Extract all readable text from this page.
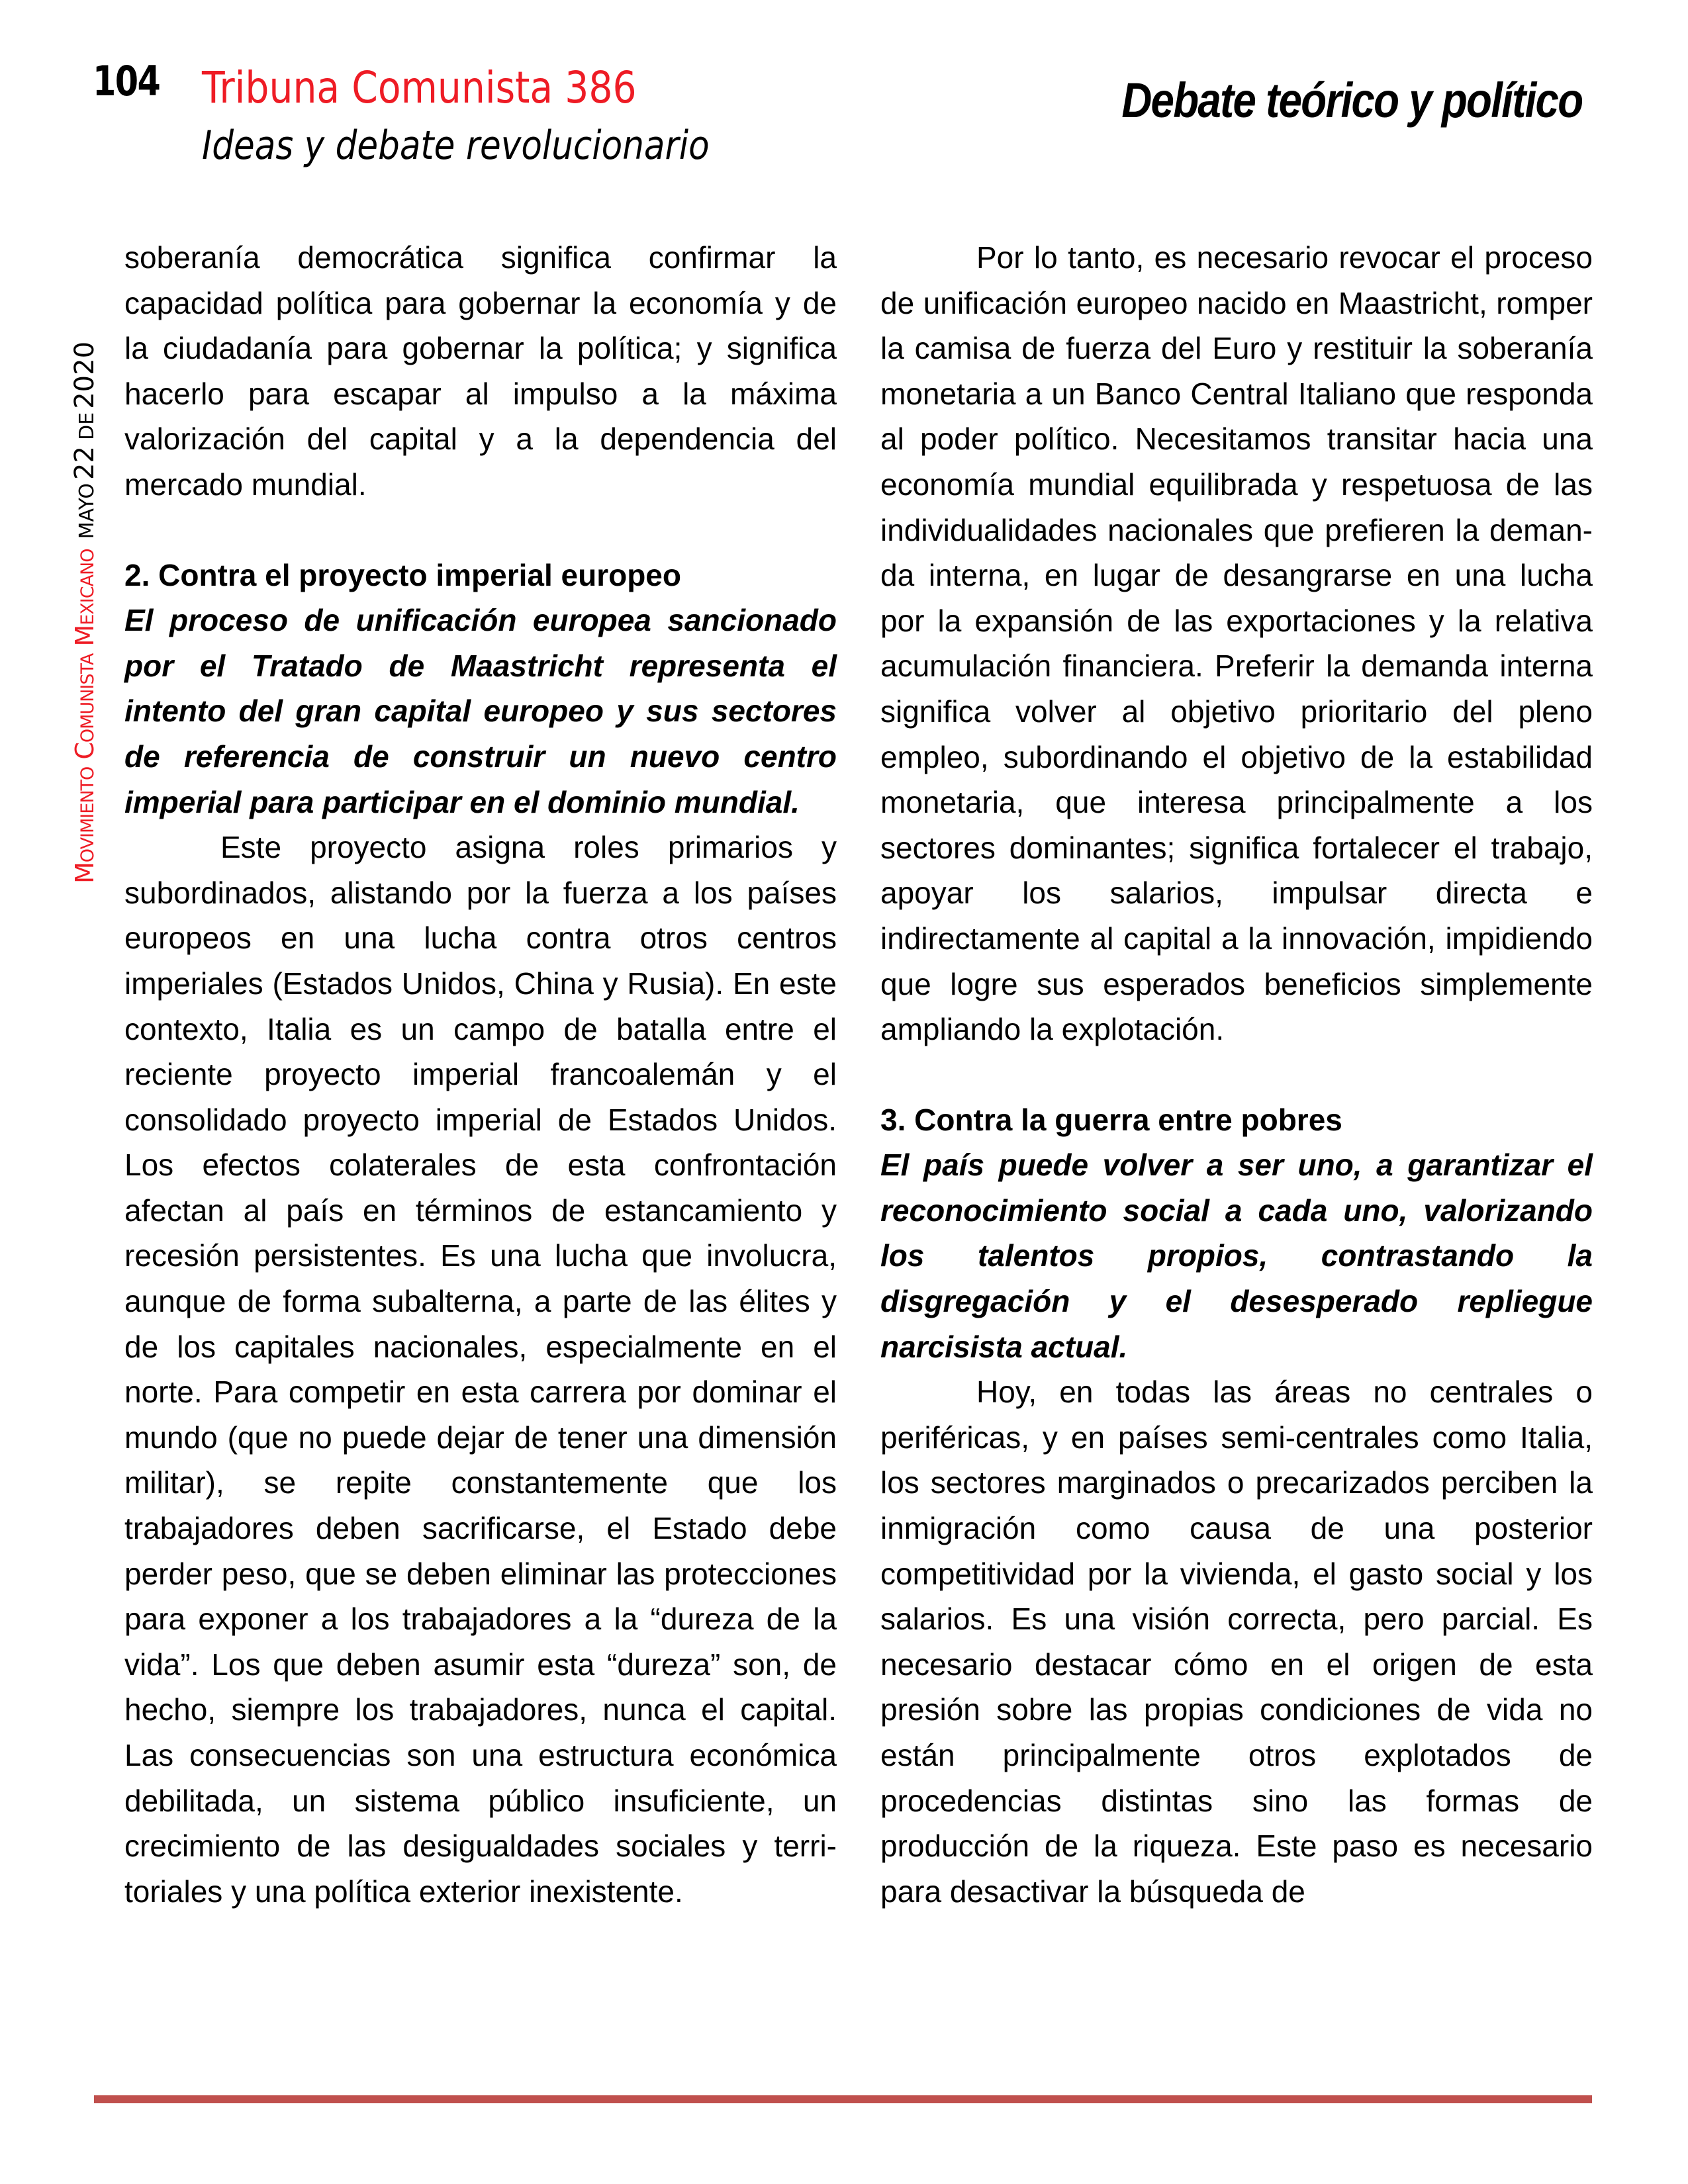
104 Tribuna Comunista 386
Ideas y debate revolucionario
Debate teórico y político
Movimiento Comunista Mexicano MAYO 22 DE 2020

soberanía democrática significa confirmar la capacidad política para gobernar la economía y de la ciudadanía para gobernar la política; y significa hacerlo para escapar al impulso a la máxima valorización del capital y a la dependencia del mercado mundial.

2. Contra el proyecto imperial europeo

El proceso de unificación europea sancionado por el Tratado de Maastricht representa el intento del gran capital europeo y sus sectores de referencia de construir un nuevo centro imperial para participar en el dominio mundial.

Este proyecto asigna roles primarios y subordinados, alistando por la fuerza a los países europeos en una lucha contra otros centros imperiales (Estados Unidos, China y Rusia). En este contexto, Italia es un campo de batalla entre el reciente proyecto imperial francoalemán y el consolidado proyecto imperial de Estados Unidos. Los efectos colaterales de esta confrontación afectan al país en términos de estancamiento y recesión persistentes. Es una lucha que involucra, aunque de forma subalterna, a parte de las élites y de los capitales nacionales, especialmente en el norte. Para competir en esta carrera por dominar el mundo (que no puede dejar de tener una dimensión militar), se repite constantemente que los trabajadores deben sacrificarse, el Estado debe perder peso, que se deben eliminar las protecciones para exponer a los trabajadores a la “dureza de la vida”. Los que deben asumir esta “dureza” son, de hecho, siempre los trabajadores, nunca el capital. Las consecuencias son una estructura económica debilitada, un sistema público insuficiente, un crecimiento de las desigualdades sociales y territoriales y una política exterior inexistente.

Por lo tanto, es necesario revocar el proceso de unificación europeo nacido en Maastricht, romper la camisa de fuerza del Euro y restituir la soberanía monetaria a un Banco Central Italiano que responda al poder político. Necesitamos transitar hacia una economía mundial equilibrada y respetuosa de las individualidades nacionales que prefieren la demanda interna, en lugar de desangrarse en una lucha por la expansión de las exportaciones y la relativa acumulación financiera. Preferir la demanda interna significa volver al objetivo prioritario del pleno empleo, subordinando el objetivo de la estabilidad monetaria, que interesa principalmente a los sectores dominantes; significa fortalecer el trabajo, apoyar los salarios, impulsar directa e indirectamente al capital a la innovación, impidiendo que logre sus esperados beneficios simplemente ampliando la explotación.

3. Contra la guerra entre pobres

El país puede volver a ser uno, a garantizar el reconocimiento social a cada uno, valorizando los talentos propios, contrastando la disgregación y el desesperado repliegue narcisista actual.

Hoy, en todas las áreas no centrales o periféricas, y en países semi-centrales como Italia, los sectores marginados o precarizados perciben la inmigración como causa de una posterior competitividad por la vivienda, el gasto social y los salarios. Es una visión correcta, pero parcial. Es necesario destacar cómo en el origen de esta presión sobre las propias condiciones de vida no están principalmente otros explotados de procedencias distintas sino las formas de producción de la riqueza. Este paso es necesario para desactivar la búsqueda de
